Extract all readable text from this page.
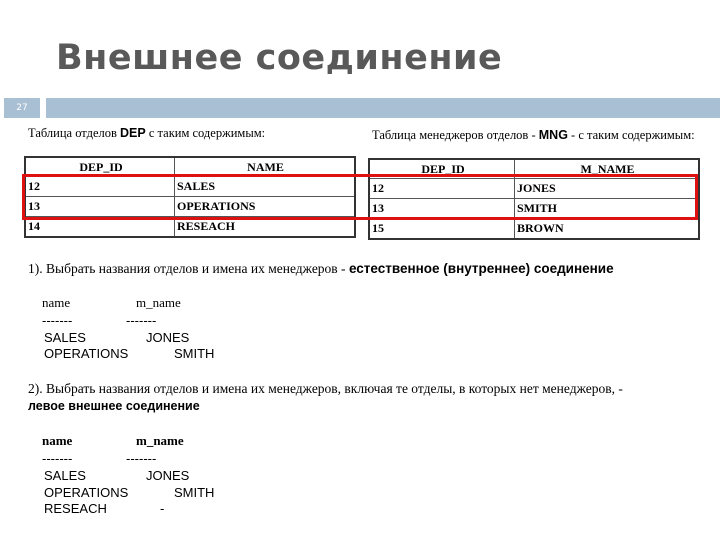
Внешнее соединение
27
Таблица отделов DEP с таким содержимым:	Таблица менеджеров отделов - MNG - с таким содержимым:
DEP_ID	NAME
12	SALES
13	OPERATIONS
14	RESEACH
DEP_ID	M_NAME
12	JONES
13	SMITH
15	BROWN
1). Выбрать названия отделов и имена их менеджеров - естественное (внутреннее) соединение
name	m_name
-------	-------
SALES	JONES
OPERATIONS	SMITH
2). Выбрать названия отделов и имена их менеджеров, включая те отделы, в которых нет менеджеров, -
левое внешнее соединение
name	m_name
-------	-------
SALES	JONES
OPERATIONS	SMITH
RESEACH	-
